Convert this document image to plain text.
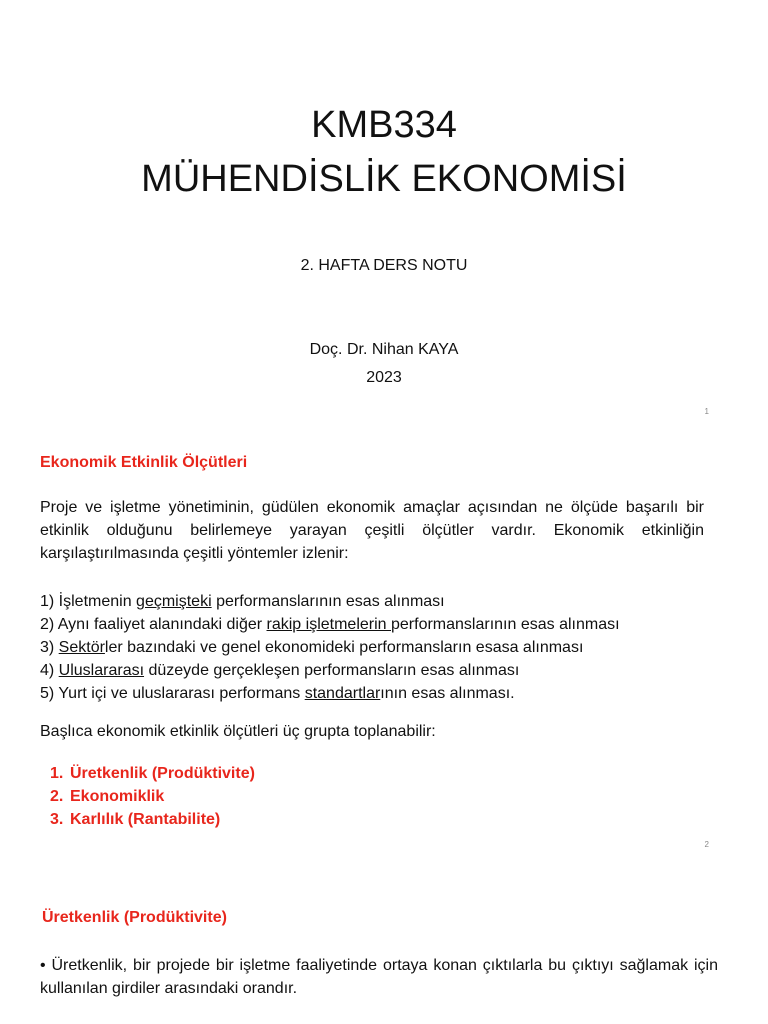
KMB334
MÜHENDİSLİK EKONOMİSİ
2. HAFTA DERS NOTU
Doç. Dr. Nihan KAYA
2023
1
Ekonomik Etkinlik Ölçütleri
Proje ve işletme yönetiminin, güdülen ekonomik amaçlar açısından ne ölçüde başarılı bir etkinlik olduğunu belirlemeye yarayan çeşitli ölçütler vardır. Ekonomik etkinliğin karşılaştırılmasında çeşitli yöntemler izlenir:
1) İşletmenin geçmişteki performanslarının esas alınması
2) Aynı faaliyet alanındaki diğer rakip işletmelerin performanslarının esas alınması
3) Sektörler bazındaki ve genel ekonomideki performansların esasa alınması
4) Uluslararası düzeyde gerçekleşen performansların esas alınması
5) Yurt içi ve uluslararası performans standartlarının esas alınması.
Başlıca ekonomik etkinlik ölçütleri üç grupta toplanabilir:
1. Üretkenlik (Prodüktivite)
2. Ekonomiklik
3. Karlılık (Rantabilite)
2
Üretkenlik (Prodüktivite)
• Üretkenlik, bir projede bir işletme faaliyetinde ortaya konan çıktılarla bu çıktıyı sağlamak için kullanılan girdiler arasındaki orandır.
